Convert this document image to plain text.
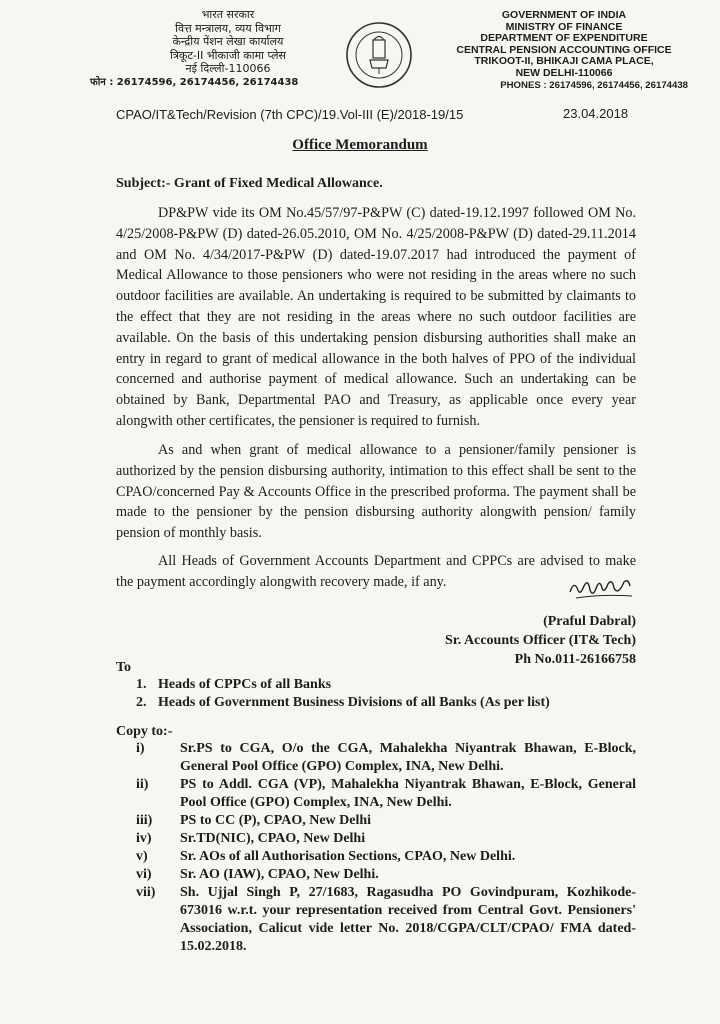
भारत सरकार
वित्त मन्त्रालय, व्यय विभाग
केन्द्रीय पेंशन लेखा कार्यालय
त्रिकूट-II भीकाजी कामा प्लेस
नई दिल्ली-110066
फोन : 26174596, 26174456, 26174438
GOVERNMENT OF INDIA
MINISTRY OF FINANCE
DEPARTMENT OF EXPENDITURE
CENTRAL PENSION ACCOUNTING OFFICE
TRIKOOT-II, BHIKAJI CAMA PLACE,
NEW DELHI-110066
PHONES : 26174596, 26174456, 26174438
CPAO/IT&Tech/Revision (7th CPC)/19.Vol-III (E)/2018-19/15	23.04.2018
Office Memorandum
Subject:- Grant of Fixed Medical Allowance.

DP&PW vide its OM No.45/57/97-P&PW (C) dated-19.12.1997 followed OM No. 4/25/2008-P&PW (D) dated-26.05.2010, OM No. 4/25/2008-P&PW (D) dated-29.11.2014 and OM No. 4/34/2017-P&PW (D) dated-19.07.2017 had introduced the payment of Medical Allowance to those pensioners who were not residing in the areas where no such outdoor facilities are available. An undertaking is required to be submitted by claimants to the effect that they are not residing in the areas where no such outdoor facilities are available. On the basis of this undertaking pension disbursing authorities shall make an entry in regard to grant of medical allowance in the both halves of PPO of the individual concerned and authorise payment of medical allowance. Such an undertaking can be obtained by Bank, Departmental PAO and Treasury, as applicable once every year alongwith other certificates, the pensioner is required to furnish.

As and when grant of medical allowance to a pensioner/family pensioner is authorized by the pension disbursing authority, intimation to this effect shall be sent to the CPAO/concerned Pay & Accounts Office in the prescribed proforma. The payment shall be made to the pensioner by the pension disbursing authority alongwith pension/ family pension of monthly basis.

All Heads of Government Accounts Department and CPPCs are advised to make the payment accordingly alongwith recovery made, if any.

(Praful Dabral)
Sr. Accounts Officer (IT& Tech)
Ph No.011-26166758
To
1. Heads of CPPCs of all Banks
2. Heads of Government Business Divisions of all Banks (As per list)
Copy to:-
i)	Sr.PS to CGA, O/o the CGA, Mahalekha Niyantrak Bhawan, E-Block, General Pool Office (GPO) Complex, INA, New Delhi.
ii)	PS to Addl. CGA (VP), Mahalekha Niyantrak Bhawan, E-Block, General Pool Office (GPO) Complex, INA, New Delhi.
iii)	PS to CC (P), CPAO, New Delhi
iv)	Sr.TD(NIC), CPAO, New Delhi
v)	Sr. AOs of all Authorisation Sections, CPAO, New Delhi.
vi)	Sr. AO (IAW), CPAO, New Delhi.
vii)	Sh. Ujjal Singh P, 27/1683, Ragasudha PO Govindpuram, Kozhikode-673016 w.r.t. your representation received from Central Govt. Pensioners' Association, Calicut vide letter No. 2018/CGPA/CLT/CPAO/ FMA dated-15.02.2018.
